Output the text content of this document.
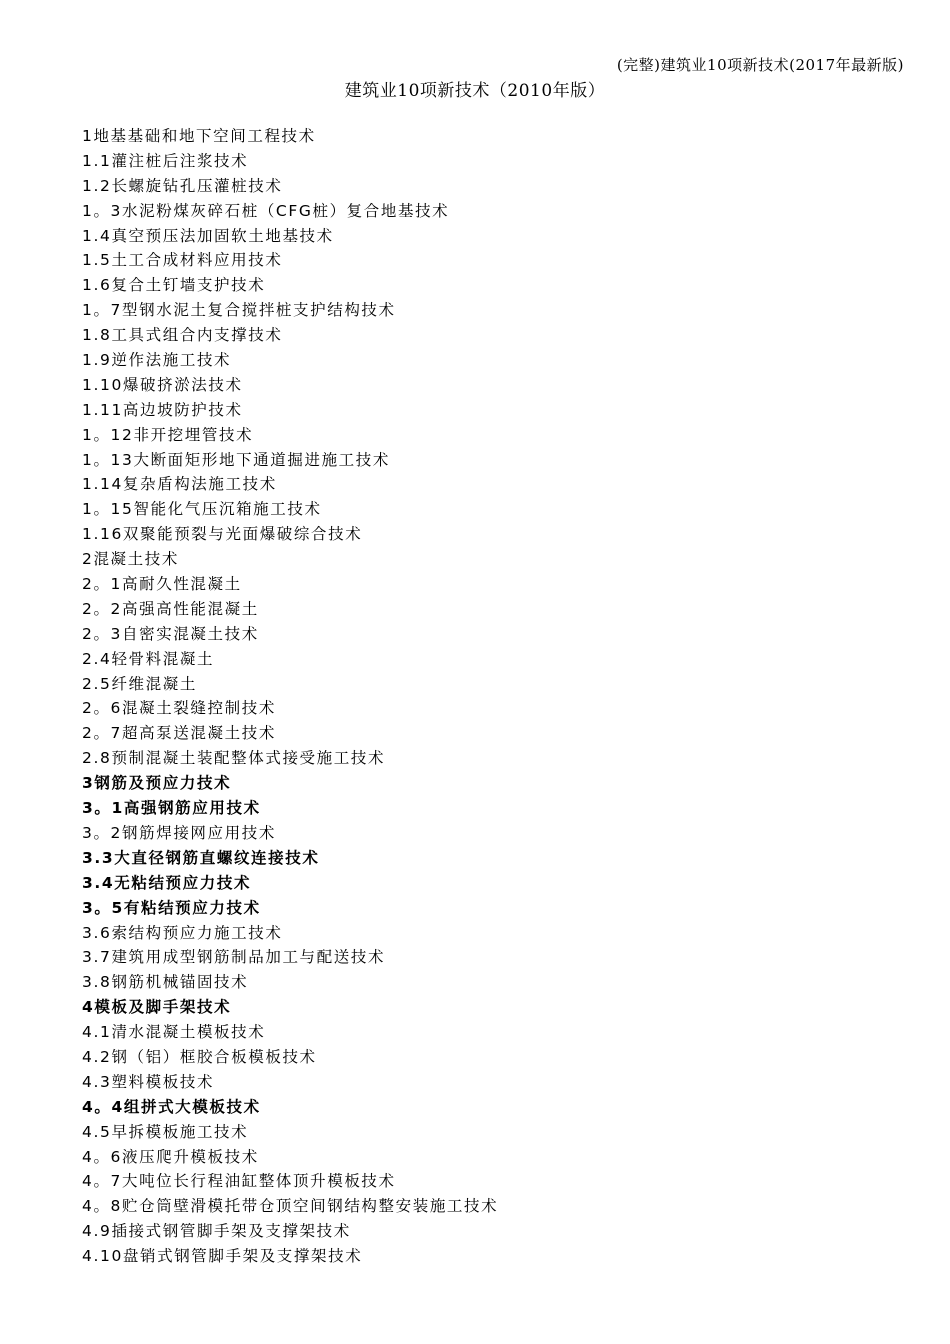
(完整)建筑业10项新技术(2017年最新版)
建筑业10项新技术（2010年版）
1地基基础和地下空间工程技术
1.1灌注桩后注浆技术
1.2长螺旋钻孔压灌桩技术
1。3水泥粉煤灰碎石桩（CFG桩）复合地基技术
1.4真空预压法加固软土地基技术
1.5土工合成材料应用技术
1.6复合土钉墙支护技术
1。7型钢水泥土复合搅拌桩支护结构技术
1.8工具式组合内支撑技术
1.9逆作法施工技术
1.10爆破挤淤法技术
1.11高边坡防护技术
1。12非开挖埋管技术
1。13大断面矩形地下通道掘进施工技术
1.14复杂盾构法施工技术
1。15智能化气压沉箱施工技术
1.16双聚能预裂与光面爆破综合技术
2混凝土技术
2。1高耐久性混凝土
2。2高强高性能混凝土
2。3自密实混凝土技术
2.4轻骨料混凝土
2.5纤维混凝土
2。6混凝土裂缝控制技术
2。7超高泵送混凝土技术
2.8预制混凝土装配整体式接受施工技术
3钢筋及预应力技术
3。1高强钢筋应用技术
3。2钢筋焊接网应用技术
3.3大直径钢筋直螺纹连接技术
3.4无粘结预应力技术
3。5有粘结预应力技术
3.6索结构预应力施工技术
3.7建筑用成型钢筋制品加工与配送技术
3.8钢筋机械锚固技术
4模板及脚手架技术
4.1清水混凝土模板技术
4.2钢（铝）框胶合板模板技术
4.3塑料模板技术
4。4组拼式大模板技术
4.5早拆模板施工技术
4。6液压爬升模板技术
4。7大吨位长行程油缸整体顶升模板技术
4。8贮仓筒壁滑模托带仓顶空间钢结构整安装施工技术
4.9插接式钢管脚手架及支撑架技术
4.10盘销式钢管脚手架及支撑架技术
